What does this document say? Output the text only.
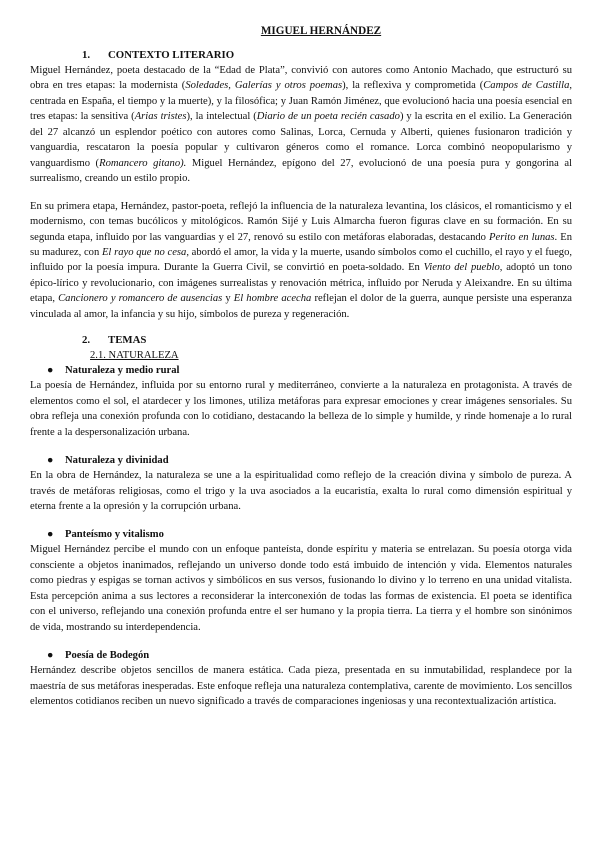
MIGUEL HERNÁNDEZ
1. CONTEXTO LITERARIO

Miguel Hernández, poeta destacado de la “Edad de Plata”, convivió con autores como Antonio Machado, que estructuró su obra en tres etapas: la modernista (Soledades, Galerías y otros poemas), la reflexiva y comprometida (Campos de Castilla, centrada en España, el tiempo y la muerte), y la filosófica; y Juan Ramón Jiménez, que evolucionó hacia una poesía esencial en tres etapas: la sensitiva (Arias tristes), la intelectual (Diario de un poeta recién casado) y la escrita en el exilio. La Generación del 27 alcanzó un esplendor poético con autores como Salinas, Lorca, Cernuda y Alberti, quienes fusionaron tradición y vanguardia, rescataron la poesía popular y cultivaron géneros como el romance. Lorca combinó neopopularismo y vanguardismo (Romancero gitano). Miguel Hernández, epígono del 27, evolucionó de una poesía pura y gongorina al surrealismo, creando un estilo propio.

En su primera etapa, Hernández, pastor-poeta, reflejó la influencia de la naturaleza levantina, los clásicos, el romanticismo y el modernismo, con temas bucólicos y mitológicos. Ramón Sijé y Luis Almarcha fueron figuras clave en su formación. En su segunda etapa, influido por las vanguardias y el 27, renovó su estilo con metáforas elaboradas, destacando Perito en lunas. En su madurez, con El rayo que no cesa, abordó el amor, la vida y la muerte, usando símbolos como el cuchillo, el rayo y el fuego, influido por la poesía impura. Durante la Guerra Civil, se convirtió en poeta-soldado. En Viento del pueblo, adoptó un tono épico-lírico y revolucionario, con imágenes surrealistas y renovación métrica, influido por Neruda y Aleixandre. En su última etapa, Cancionero y romancero de ausencias y El hombre acecha reflejan el dolor de la guerra, aunque persiste una esperanza vinculada al amor, la infancia y su hijo, símbolos de pureza y regeneración.

2. TEMAS
2.1. NATURALEZA
● Naturaleza y medio rural

La poesía de Hernández, influida por su entorno rural y mediterráneo, convierte a la naturaleza en protagonista. A través de elementos como el sol, el atardecer y los limones, utiliza metáforas para expresar emociones y crear imágenes sensoriales. Su obra refleja una conexión profunda con lo cotidiano, destacando la belleza de lo simple y humilde, y rinde homenaje a lo rural frente a la despersonalización urbana.

● Naturaleza y divinidad

En la obra de Hernández, la naturaleza se une a la espiritualidad como reflejo de la creación divina y símbolo de pureza. A través de metáforas religiosas, como el trigo y la uva asociados a la eucaristía, exalta lo rural como dimensión espiritual y eterna frente a la opresión y la corrupción urbana.

● Panteísmo y vitalismo

Miguel Hernández percibe el mundo con un enfoque panteísta, donde espíritu y materia se entrelazan. Su poesía otorga vida consciente a objetos inanimados, reflejando un universo donde todo está imbuido de intención y vida. Elementos naturales como piedras y espigas se tornan activos y simbólicos en sus versos, fusionando lo divino y lo terreno en una unidad vitalista. Esta percepción anima a sus lectores a reconsiderar la interconexión de todas las formas de existencia. El poeta se identifica con el universo, reflejando una conexión profunda entre el ser humano y la propia tierra. La tierra y el hombre son sinónimos de vida, mostrando su interdependencia.

● Poesía de Bodegón

Hernández describe objetos sencillos de manera estática. Cada pieza, presentada en su inmutabilidad, resplandece por la maestría de sus metáforas inesperadas. Este enfoque refleja una naturaleza contemplativa, carente de movimiento. Los sencillos elementos cotidianos reciben un nuevo significado a través de comparaciones ingeniosas y una recontextualización artística.
